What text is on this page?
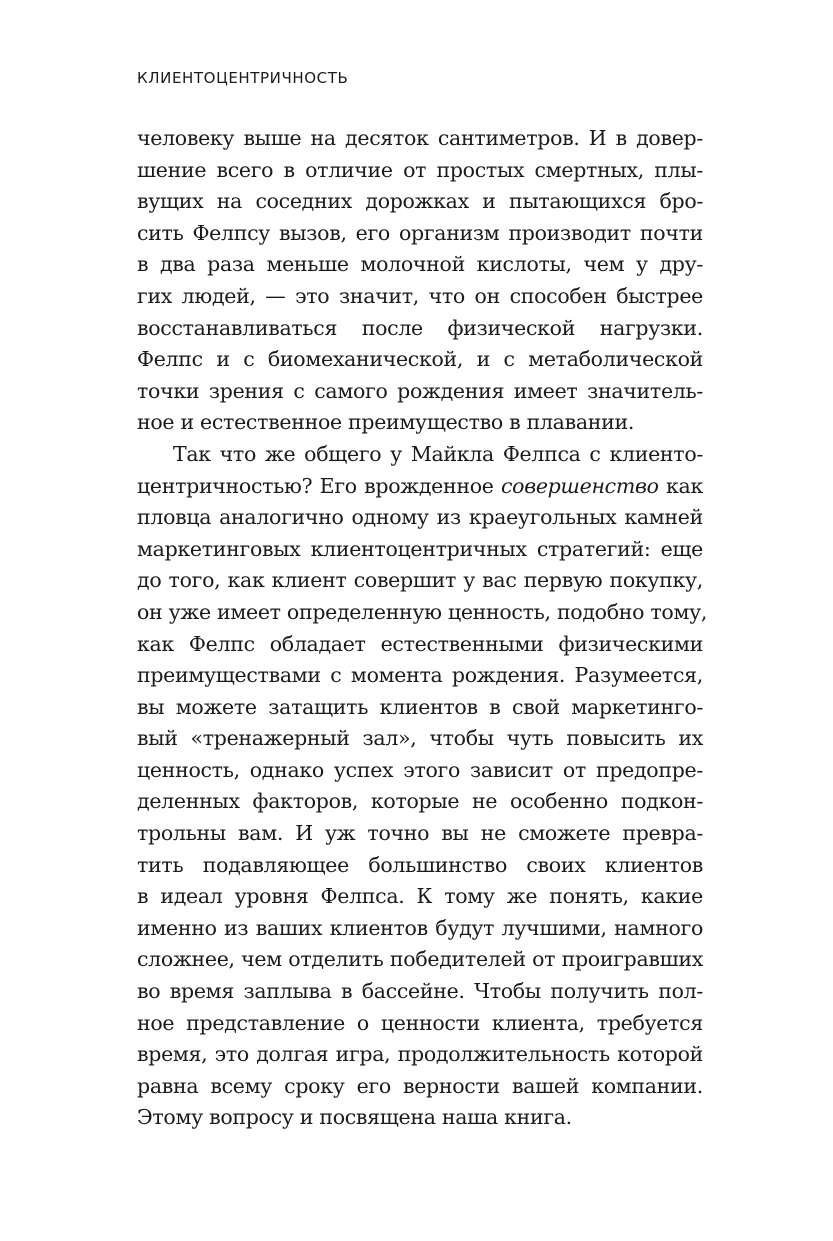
КЛИЕНТОЦЕНТРИЧНОСТЬ
человеку выше на десяток сантиметров. И в довер-
шение всего в отличие от простых смертных, плы-
вущих на соседних дорожках и пытающихся бро-
сить Фелпсу вызов, его организм производит почти
в два раза меньше молочной кислоты, чем у дру-
гих людей, — это значит, что он способен быстрее
восстанавливаться после физической нагрузки.
Фелпс и с биомеханической, и с метаболической
точки зрения с самого рождения имеет значитель-
ное и естественное преимущество в плавании.
Так что же общего у Майкла Фелпса с клиенто-
центричностью? Его врожденное совершенство как
пловца аналогично одному из краеугольных камней
маркетинговых клиентоцентричных стратегий: еще
до того, как клиент совершит у вас первую покупку,
он уже имеет определенную ценность, подобно тому,
как Фелпс обладает естественными физическими
преимуществами с момента рождения. Разумеется,
вы можете затащить клиентов в свой маркетинго-
вый «тренажерный зал», чтобы чуть повысить их
ценность, однако успех этого зависит от предопре-
деленных факторов, которые не особенно подкон-
трольны вам. И уж точно вы не сможете превра-
тить подавляющее большинство своих клиентов
в идеал уровня Фелпса. К тому же понять, какие
именно из ваших клиентов будут лучшими, намного
сложнее, чем отделить победителей от проигравших
во время заплыва в бассейне. Чтобы получить пол-
ное представление о ценности клиента, требуется
время, это долгая игра, продолжительность которой
равна всему сроку его верности вашей компании.
Этому вопросу и посвящена наша книга.
